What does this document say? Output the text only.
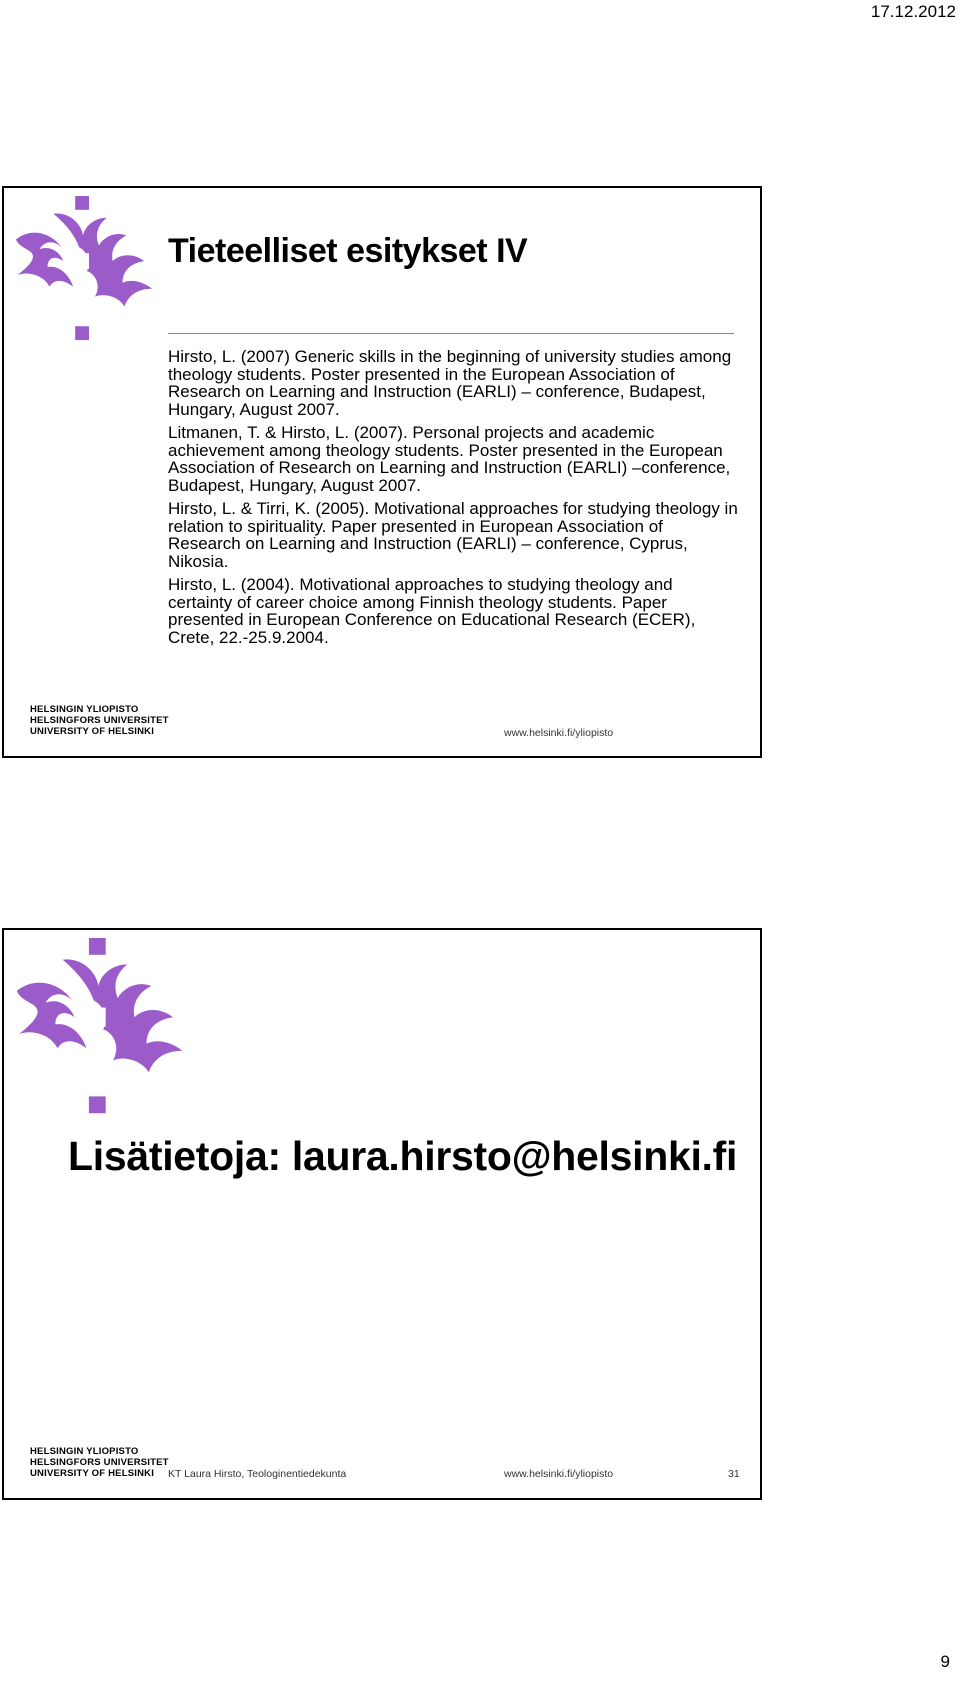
17.12.2012
Tieteelliset esitykset IV
Hirsto, L. (2007) Generic skills in the beginning of university studies among theology students. Poster presented in the European Association of Research on Learning and Instruction (EARLI) – conference, Budapest, Hungary, August 2007.
Litmanen, T. & Hirsto, L. (2007). Personal projects and academic achievement among theology students. Poster presented in the European Association of Research on Learning and Instruction (EARLI) –conference, Budapest, Hungary, August 2007.
Hirsto, L. & Tirri, K. (2005). Motivational approaches for studying theology in relation to spirituality. Paper presented in European Association of Research on Learning and Instruction (EARLI) – conference, Cyprus, Nikosia.
Hirsto, L. (2004). Motivational approaches to studying theology and certainty of career choice among Finnish theology students. Paper presented in European Conference on Educational Research (ECER), Crete, 22.-25.9.2004.
HELSINGIN YLIOPISTO
HELSINGFORS UNIVERSITET
UNIVERSITY OF HELSINKI	www.helsinki.fi/yliopisto
Lisätietoja: laura.hirsto@helsinki.fi
HELSINGIN YLIOPISTO
HELSINGFORS UNIVERSITET
UNIVERSITY OF HELSINKI	KT Laura Hirsto, Teologinentiedekunta	www.helsinki.fi/yliopisto	31
9
